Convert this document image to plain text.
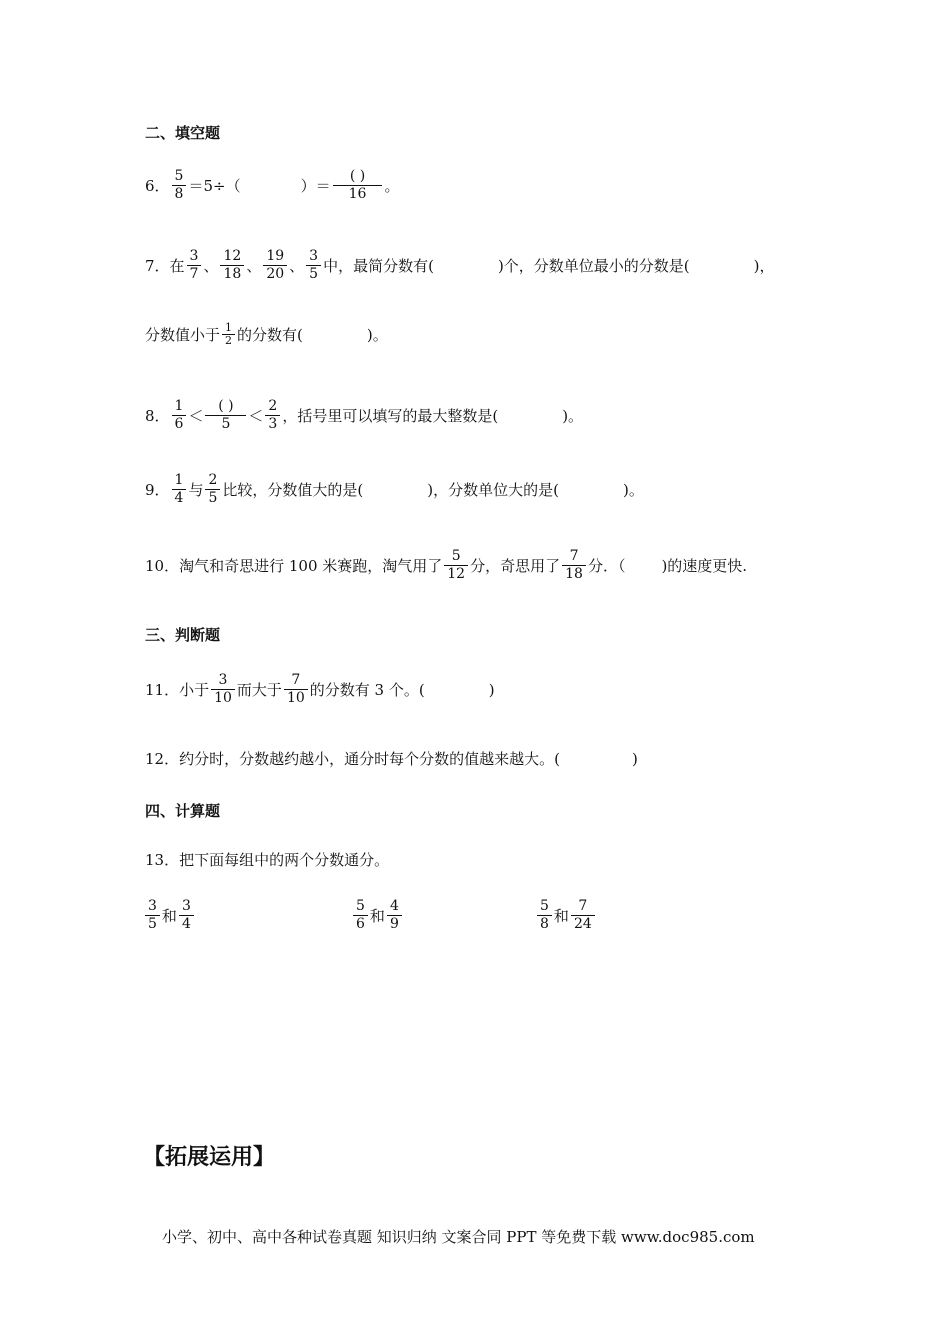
二、填空题
6． $\frac{5}{8} =5\div$（	）＝ $\frac{( )}{16}$ 。
7．在 $\frac{3}{7}$ 、 $\frac{12}{18}$ 、 $\frac{19}{20}$ 、 $\frac{3}{5}$ 中，最简分数有(	)个，分数单位最小的分数是(	)，
分数值小于 $\frac{1}{2}$ 的分数有(	)。
8． $\frac{1}{6} < \frac{( )}{5} < \frac{2}{3}$ ，括号里可以填写的最大整数是(	)。
9． $\frac{1}{4}$ 与 $\frac{2}{5}$ 比较，分数值大的是(	)，分数单位大的是(	)。
10．淘气和奇思进行 100 米赛跑，淘气用了 $\frac{5}{12}$ 分，奇思用了 $\frac{7}{18}$ 分．（ )的速度更快.
三、判断题
11．小于 $\frac{3}{10}$ 而大于 $\frac{7}{10}$ 的分数有 3 个。(	)
12．约分时，分数越约越小，通分时每个分数的值越来越大。(	)
四、计算题
13．把下面每组中的两个分数通分。
$\frac{3}{5}$ 和 $\frac{3}{4}$	$\frac{5}{6}$ 和 $\frac{4}{9}$	$\frac{5}{8}$ 和 $\frac{7}{24}$
【拓展运用】
小学、初中、高中各种试卷真题 知识归纳 文案合同 PPT 等免费下载 www.doc985.com
